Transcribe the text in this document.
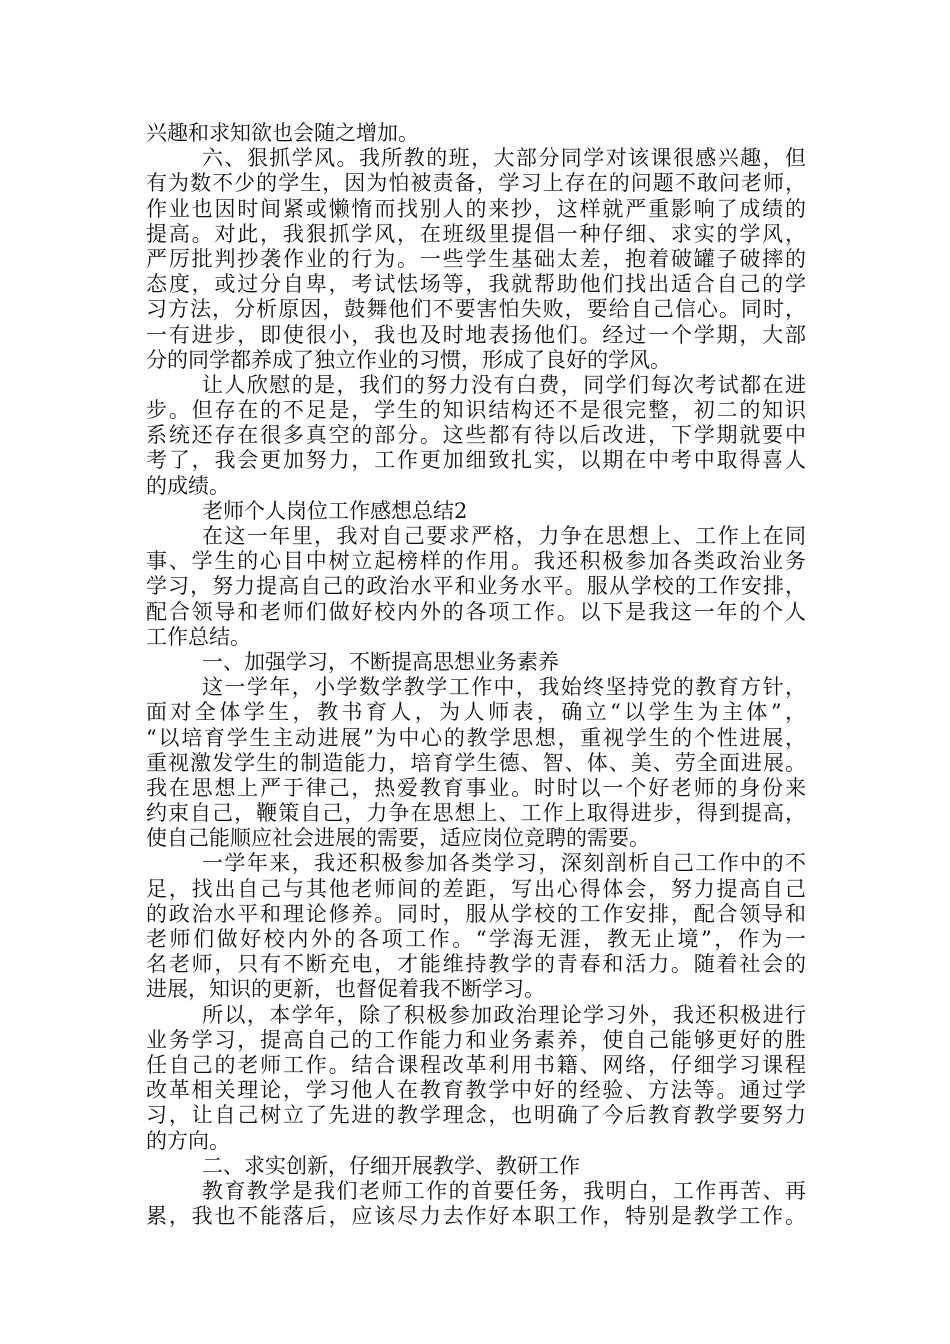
兴趣和求知欲也会随之增加。
六、狠抓学风。我所教的班，大部分同学对该课很感兴趣，但
有为数不少的学生，因为怕被责备，学习上存在的问题不敢问老师，
作业也因时间紧或懒惰而找别人的来抄，这样就严重影响了成绩的
提高。对此，我狠抓学风，在班级里提倡一种仔细、求实的学风，
严厉批判抄袭作业的行为。一些学生基础太差，抱着破罐子破摔的
态度，或过分自卑，考试怯场等，我就帮助他们找出适合自己的学
习方法，分析原因，鼓舞他们不要害怕失败，要给自己信心。同时，
一有进步，即使很小，我也及时地表扬他们。经过一个学期，大部
分的同学都养成了独立作业的习惯，形成了良好的学风。
让人欣慰的是，我们的努力没有白费，同学们每次考试都在进
步。但存在的不足是，学生的知识结构还不是很完整，初二的知识
系统还存在很多真空的部分。这些都有待以后改进，下学期就要中
考了，我会更加努力，工作更加细致扎实，以期在中考中取得喜人
的成绩。
老师个人岗位工作感想总结2
在这一年里，我对自己要求严格，力争在思想上、工作上在同
事、学生的心目中树立起榜样的作用。我还积极参加各类政治业务
学习，努力提高自己的政治水平和业务水平。服从学校的工作安排，
配合领导和老师们做好校内外的各项工作。以下是我这一年的个人
工作总结。
一、加强学习，不断提高思想业务素养
这一学年，小学数学教学工作中，我始终坚持党的教育方针，
面对全体学生，教书育人，为人师表，确立“以学生为主体”，
“以培育学生主动进展”为中心的教学思想，重视学生的个性进展，
重视激发学生的制造能力，培育学生德、智、体、美、劳全面进展。
我在思想上严于律己，热爱教育事业。时时以一个好老师的身份来
约束自己，鞭策自己，力争在思想上、工作上取得进步，得到提高，
使自己能顺应社会进展的需要，适应岗位竞聘的需要。
一学年来，我还积极参加各类学习，深刻剖析自己工作中的不
足，找出自己与其他老师间的差距，写出心得体会，努力提高自己
的政治水平和理论修养。同时，服从学校的工作安排，配合领导和
老师们做好校内外的各项工作。“学海无涯，教无止境”，作为一
名老师，只有不断充电，才能维持教学的青春和活力。随着社会的
进展，知识的更新，也督促着我不断学习。
所以，本学年，除了积极参加政治理论学习外，我还积极进行
业务学习，提高自己的工作能力和业务素养，使自己能够更好的胜
任自己的老师工作。结合课程改革利用书籍、网络，仔细学习课程
改革相关理论，学习他人在教育教学中好的经验、方法等。通过学
习，让自己树立了先进的教学理念，也明确了今后教育教学要努力
的方向。
二、求实创新，仔细开展教学、教研工作
教育教学是我们老师工作的首要任务，我明白，工作再苦、再
累，我也不能落后，应该尽力去作好本职工作，特别是教学工作。
